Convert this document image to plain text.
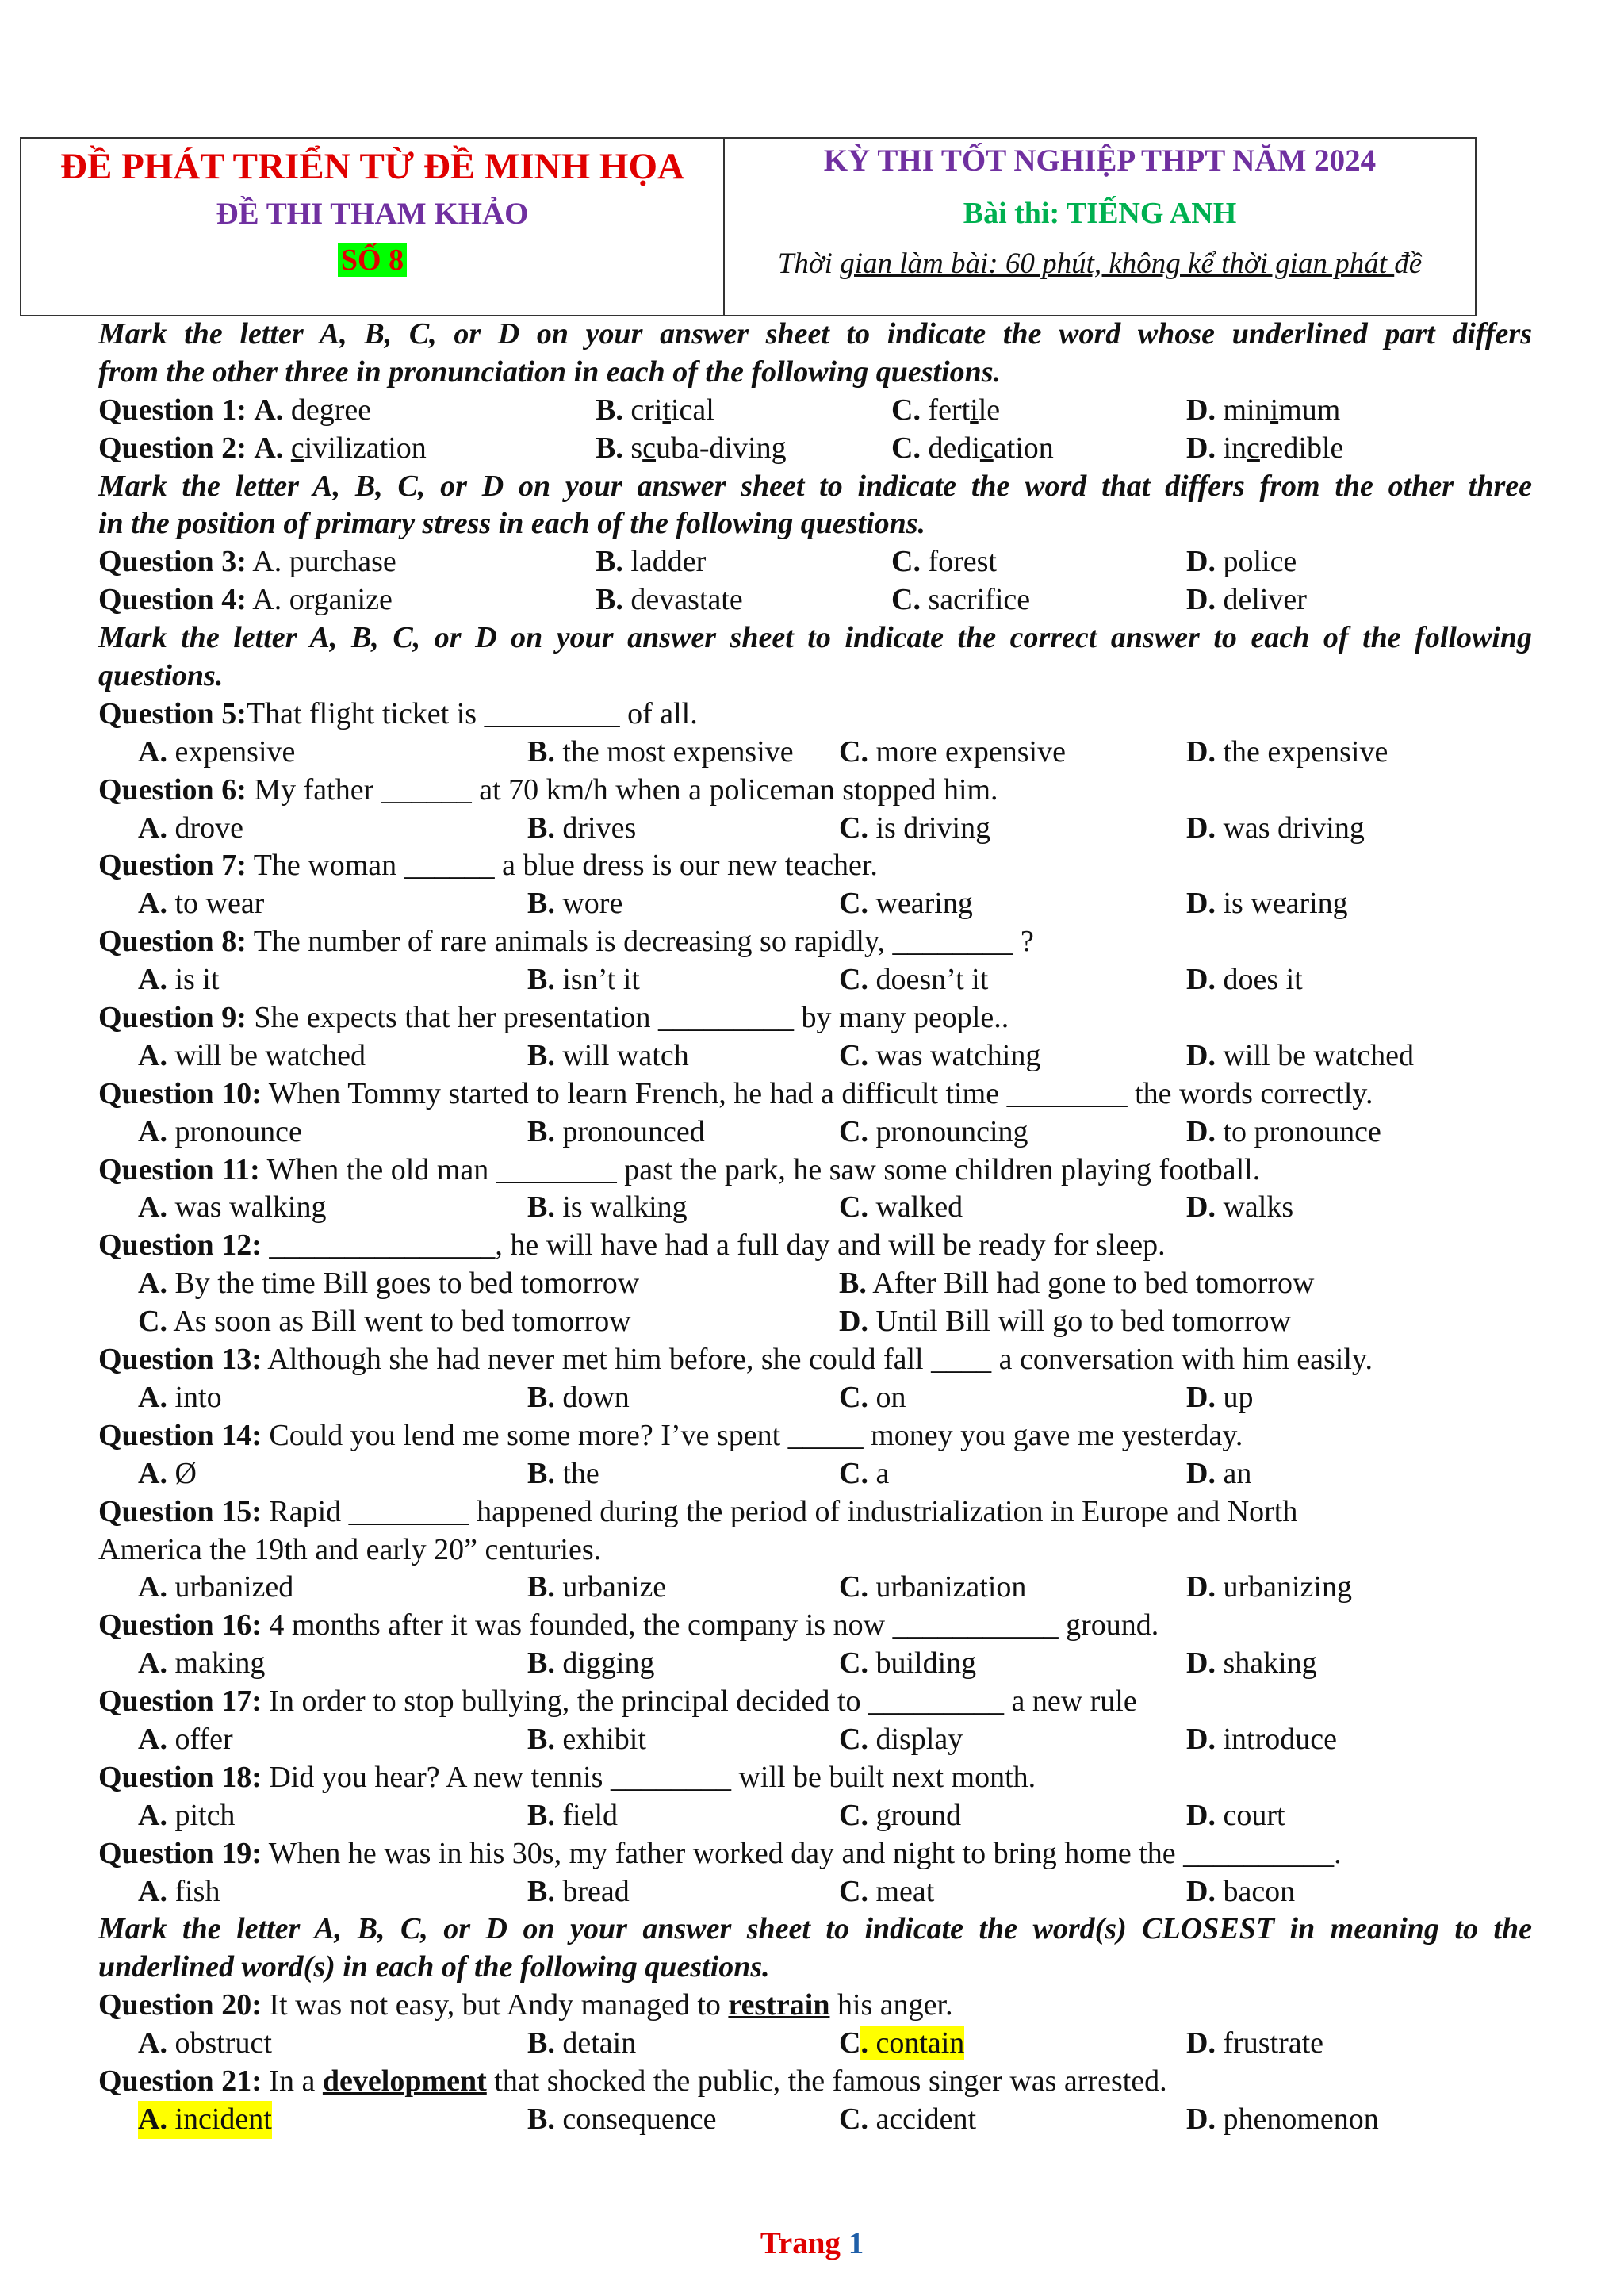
ĐỀ PHÁT TRIỂN TỪ ĐỀ MINH HỌA
ĐỀ THI THAM KHẢO
SỐ 8
KỲ THI TỐT NGHIỆP THPT NĂM 2024
Bài thi: TIẾNG ANH
Thời gian làm bài: 60 phút, không kể thời gian phát đề
Mark the letter A, B, C, or D on your answer sheet to indicate the word whose underlined part differs
from the other three in pronunciation in each of the following questions.
Question 1: A. degree	B. critical	C. fertile	D. minimum
Question 2: A. civilization	B. scuba-diving	C. dedication	D. incredible
Mark the letter A, B, C, or D on your answer sheet to indicate the word that differs from the other three
in the position of primary stress in each of the following questions.
Question 3: A. purchase	B. ladder	C. forest	D. police
Question 4: A. organize	B. devastate	C. sacrifice	D. deliver
Mark the letter A, B, C, or D on your answer sheet to indicate the correct answer to each of the following
questions.
Question 5:That flight ticket is _________ of all.
A. expensive	B. the most expensive C. more expensive	D. the expensive
Question 6: My father ______ at 70 km/h when a policeman stopped him.
A. drove	B. drives	C. is driving	D. was driving
Question 7: The woman ______ a blue dress is our new teacher.
A. to wear	B. wore	C. wearing	D. is wearing
Question 8: The number of rare animals is decreasing so rapidly, ________ ?
A. is it	B. isn’t it	C. doesn’t it	D. does it
Question 9: She expects that her presentation _________ by many people..
A. will be watched	B. will watch	C. was watching	D. will be watched
Question 10: When Tommy started to learn French, he had a difficult time ________ the words correctly.
A. pronounce	B. pronounced	C. pronouncing	D. to pronounce
Question 11: When the old man ________ past the park, he saw some children playing football.
A. was walking	B. is walking	C. walked	D. walks
Question 12: _______________, he will have had a full day and will be ready for sleep.
A. By the time Bill goes to bed tomorrow	B. After Bill had gone to bed tomorrow
C. As soon as Bill went to bed tomorrow	D. Until Bill will go to bed tomorrow
Question 13: Although she had never met him before, she could fall ____ a conversation with him easily.
A. into	B. down	C. on	D. up
Question 14: Could you lend me some more? I’ve spent _____ money you gave me yesterday.
A. Ø	B. the	C. a	D. an
Question 15: Rapid ________ happened during the period of industrialization in Europe and North
America the 19th and early 20” centuries.
A. urbanized	B. urbanize	C. urbanization	D. urbanizing
Question 16: 4 months after it was founded, the company is now ___________ ground.
A. making	B. digging	C. building	D. shaking
Question 17: In order to stop bullying, the principal decided to _________ a new rule
A. offer	B. exhibit	C. display	D. introduce
Question 18: Did you hear? A new tennis ________ will be built next month.
A. pitch	B. field	C. ground	D. court
Question 19: When he was in his 30s, my father worked day and night to bring home the __________.
A. fish	B. bread	C. meat	D. bacon
Mark the letter A, B, C, or D on your answer sheet to indicate the word(s) CLOSEST in meaning to the
underlined word(s) in each of the following questions.
Question 20: It was not easy, but Andy managed to restrain his anger.
A. obstruct	B. detain	C. contain	D. frustrate
Question 21: In a development that shocked the public, the famous singer was arrested.
A. incident	B. consequence	C. accident	D. phenomenon
Trang 1
